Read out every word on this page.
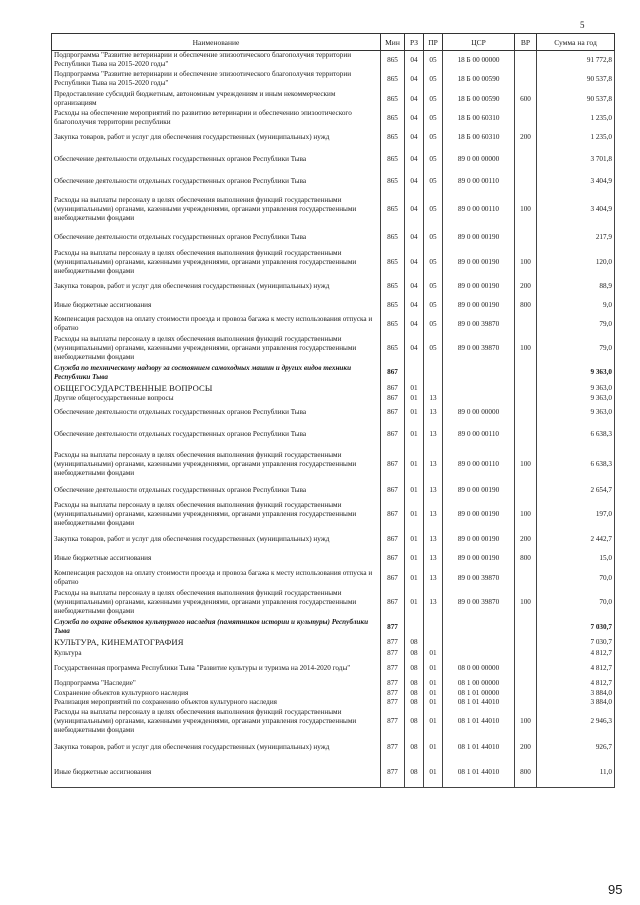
5
Наименование	Мин	РЗ	ПР	ЦСР	ВР	Сумма на год
Подпрограмма "Развитие ветеринарии и обеспечение эпизоотического благополучия территории Республики Тыва на 2015-2020 годы"	865	04	05	18 Б 00 00000		91 772,8
Подпрограмма "Развитие ветеринарии и обеспечение эпизоотического благополучия территории Республики Тыва на 2015-2020 годы"	865	04	05	18 Б 00 00590		90 537,8
Предоставление субсидий бюджетным, автономным учреждениям и иным некоммерческим организациям	865	04	05	18 Б 00 00590	600	90 537,8
Расходы на обеспечение мероприятий по развитию ветеринарии и обеспечению эпизоотического благополучия территории республики	865	04	05	18 Б 00 60310		1 235,0
Закупка товаров, работ и услуг для обеспечения государственных (муниципальных) нужд	865	04	05	18 Б 00 60310	200	1 235,0
Обеспечение деятельности отдельных государственных органов Республики Тыва	865	04	05	89 0 00 00000		3 701,8
Обеспечение деятельности отдельных государственных органов Республики Тыва	865	04	05	89 0 00 00110		3 404,9
Расходы на выплаты персоналу в целях обеспечения выполнения функций государственными (муниципальными) органами, казенными учреждениями, органами управления государственными внебюджетными фондами	865	04	05	89 0 00 00110	100	3 404,9
Обеспечение деятельности отдельных государственных органов Республики Тыва	865	04	05	89 0 00 00190		217,9
Расходы на выплаты персоналу в целях обеспечения выполнения функций государственными (муниципальными) органами, казенными учреждениями, органами управления государственными внебюджетными фондами	865	04	05	89 0 00 00190	100	120,0
Закупка товаров, работ и услуг для обеспечения государственных (муниципальных) нужд	865	04	05	89 0 00 00190	200	88,9
Иные бюджетные ассигнования	865	04	05	89 0 00 00190	800	9,0
Компенсация расходов на оплату стоимости проезда и провоза багажа к месту использования отпуска и обратно	865	04	05	89 0 00 39870		79,0
Расходы на выплаты персоналу в целях обеспечения выполнения функций государственными (муниципальными) органами, казенными учреждениями, органами управления государственными внебюджетными фондами	865	04	05	89 0 00 39870	100	79,0
Служба по техническому надзору за состоянием самоходных машин и других видов техники Республики Тыва	867					9 363,0
ОБЩЕГОСУДАРСТВЕННЫЕ ВОПРОСЫ	867	01				9 363,0
Другие общегосударственные вопросы	867	01	13			9 363,0
Обеспечение деятельности отдельных государственных органов Республики Тыва	867	01	13	89 0 00 00000		9 363,0
Обеспечение деятельности отдельных государственных органов Республики Тыва	867	01	13	89 0 00 00110		6 638,3
Расходы на выплаты персоналу в целях обеспечения выполнения функций государственными (муниципальными) органами, казенными учреждениями, органами управления государственными внебюджетными фондами	867	01	13	89 0 00 00110	100	6 638,3
Обеспечение деятельности отдельных государственных органов Республики Тыва	867	01	13	89 0 00 00190		2 654,7
Расходы на выплаты персоналу в целях обеспечения выполнения функций государственными (муниципальными) органами, казенными учреждениями, органами управления государственными внебюджетными фондами	867	01	13	89 0 00 00190	100	197,0
Закупка товаров, работ и услуг для обеспечения государственных (муниципальных) нужд	867	01	13	89 0 00 00190	200	2 442,7
Иные бюджетные ассигнования	867	01	13	89 0 00 00190	800	15,0
Компенсация расходов на оплату стоимости проезда и провоза багажа к месту использования отпуска и обратно	867	01	13	89 0 00 39870		70,0
Расходы на выплаты персоналу в целях обеспечения выполнения функций государственными (муниципальными) органами, казенными учреждениями, органами управления государственными внебюджетными фондами	867	01	13	89 0 00 39870	100	70,0
Служба по охране объектов культурного наследия (памятников истории и культуры) Республики Тыва	877					7 030,7
КУЛЬТУРА, КИНЕМАТОГРАФИЯ	877	08				7 030,7
Культура	877	08	01			4 812,7
Государственная программа Республики Тыва "Развитие культуры и туризма на 2014-2020 годы"	877	08	01	08 0 00 00000		4 812,7
Подпрограмма "Наследие"	877	08	01	08 1 00 00000		4 812,7
Сохранение объектов культурного наследия	877	08	01	08 1 01 00000		3 884,0
Реализация мероприятий по сохранению объектов культурного наследия	877	08	01	08 1 01 44010		3 884,0
Расходы на выплаты персоналу в целях обеспечения выполнения функций государственными (муниципальными) органами, казенными учреждениями, органами управления государственными внебюджетными фондами	877	08	01	08 1 01 44010	100	2 946,3
Закупка товаров, работ и услуг для обеспечения государственных (муниципальных) нужд	877	08	01	08 1 01 44010	200	926,7
Иные бюджетные ассигнования	877	08	01	08 1 01 44010	800	11,0
95
